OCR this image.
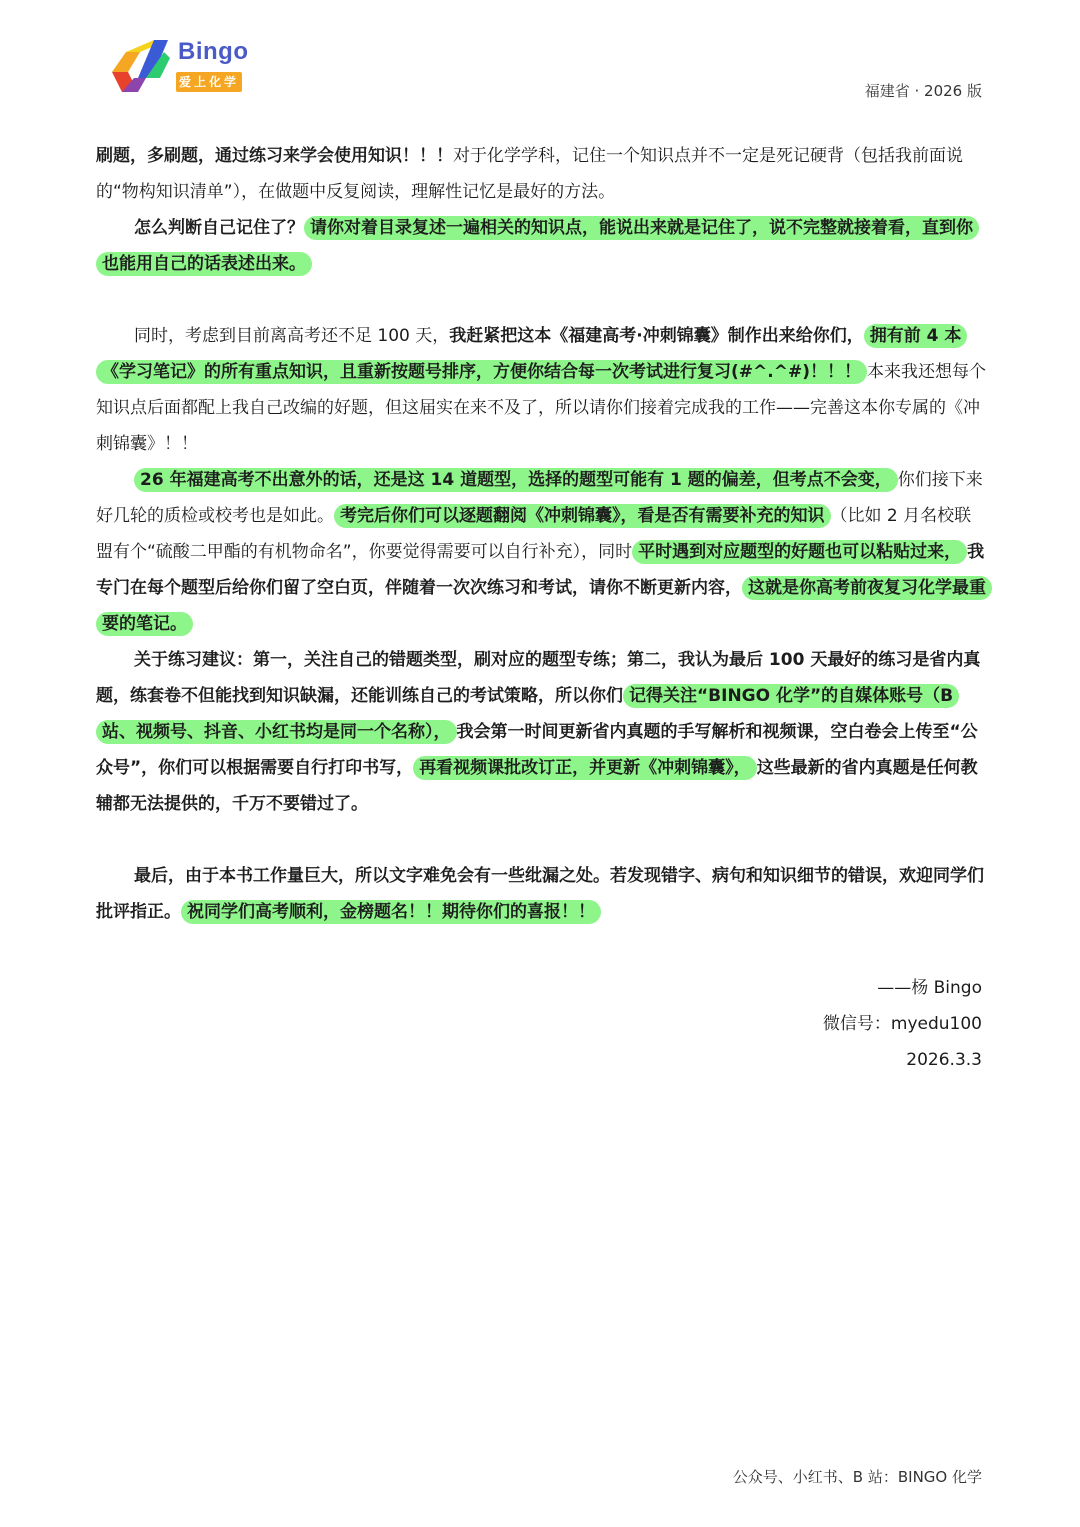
Bingo
爱上化学	福建省 · 2026 版

刷题，多刷题，通过练习来学会使用知识！！！对于化学学科，记住一个知识点并不一定是死记硬背（包括我前面说的“物构知识清单”），在做题中反复阅读，理解性记忆是最好的方法。

怎么判断自己记住了？ 请你对着目录复述一遍相关的知识点，能说出来就是记住了，说不完整就接着看，直到你也能用自己的话表述出来。

同时，考虑到目前离高考还不足 100 天，我赶紧把这本《福建高考·冲刺锦囊》制作出来给你们， 拥有前 4 本《学习笔记》的所有重点知识，且重新按题号排序，方便你结合每一次考试进行复习(#^.^#)！！！ 本来我还想每个知识点后面都配上我自己改编的好题，但这届实在来不及了，所以请你们接着完成我的工作——完善这本你专属的《冲刺锦囊》！！

26 年福建高考不出意外的话，还是这 14 道题型，选择的题型可能有 1 题的偏差，但考点不会变， 你们接下来好几轮的质检或校考也是如此。 考完后你们可以逐题翻阅《冲刺锦囊》，看是否有需要补充的知识 （比如 2 月名校联盟有个“硫酸二甲酯的有机物命名”，你要觉得需要可以自行补充），同时 平时遇到对应题型的好题也可以粘贴过来， 我专门在每个题型后给你们留了空白页，伴随着一次次练习和考试，请你不断更新内容， 这就是你高考前夜复习化学最重要的笔记。

关于练习建议：第一，关注自己的错题类型，刷对应的题型专练；第二，我认为最后 100 天最好的练习是省内真题，练套卷不但能找到知识缺漏，还能训练自己的考试策略，所以你们 记得关注“BINGO 化学”的自媒体账号（B 站、视频号、抖音、小红书均是同一个名称）， 我会第一时间更新省内真题的手写解析和视频课，空白卷会上传至“公众号”，你们可以根据需要自行打印书写， 再看视频课批改订正，并更新《冲刺锦囊》， 这些最新的省内真题是任何教辅都无法提供的，千万不要错过了。

最后，由于本书工作量巨大，所以文字难免会有一些纰漏之处。若发现错字、病句和知识细节的错误，欢迎同学们批评指正。 祝同学们高考顺利，金榜题名！！期待你们的喜报！！

——杨 Bingo
微信号：myedu100
2026.3.3
公众号、小红书、B 站：BINGO 化学
